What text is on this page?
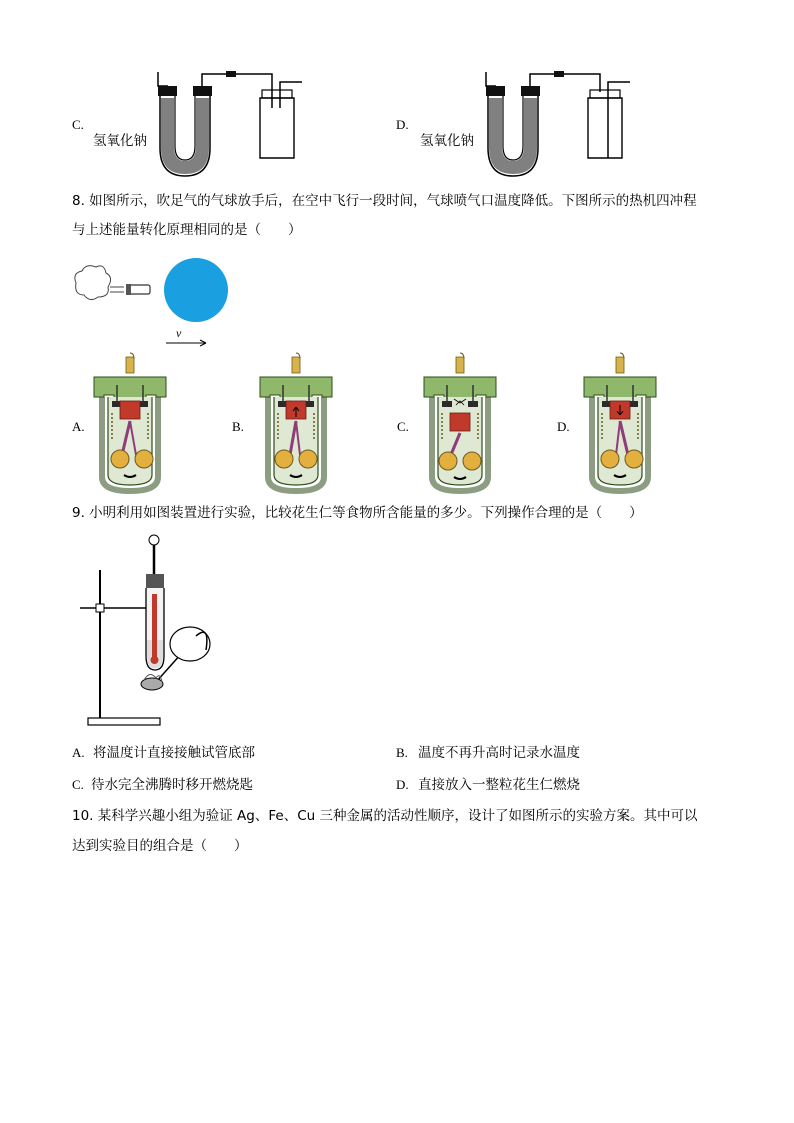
C.
氢氧化钠
D.
氢氧化钠
8. 如图所示，吹足气的气球放手后，在空中飞行一段时间，气球喷气口温度降低。下图所示的热机四冲程
与上述能量转化原理相同的是（　　）
v
A.	B.	C.	D.
9. 小明利用如图装置进行实验，比较花生仁等食物所含能量的多少。下列操作合理的是（　　）
A. 将温度计直接接触试管底部	B. 温度不再升高时记录水温度
C. 待水完全沸腾时移开燃烧匙	D. 直接放入一整粒花生仁燃烧
10. 某科学兴趣小组为验证 Ag、Fe、Cu 三种金属的活动性顺序，设计了如图所示的实验方案。其中可以
达到实验目的组合是（　　）
